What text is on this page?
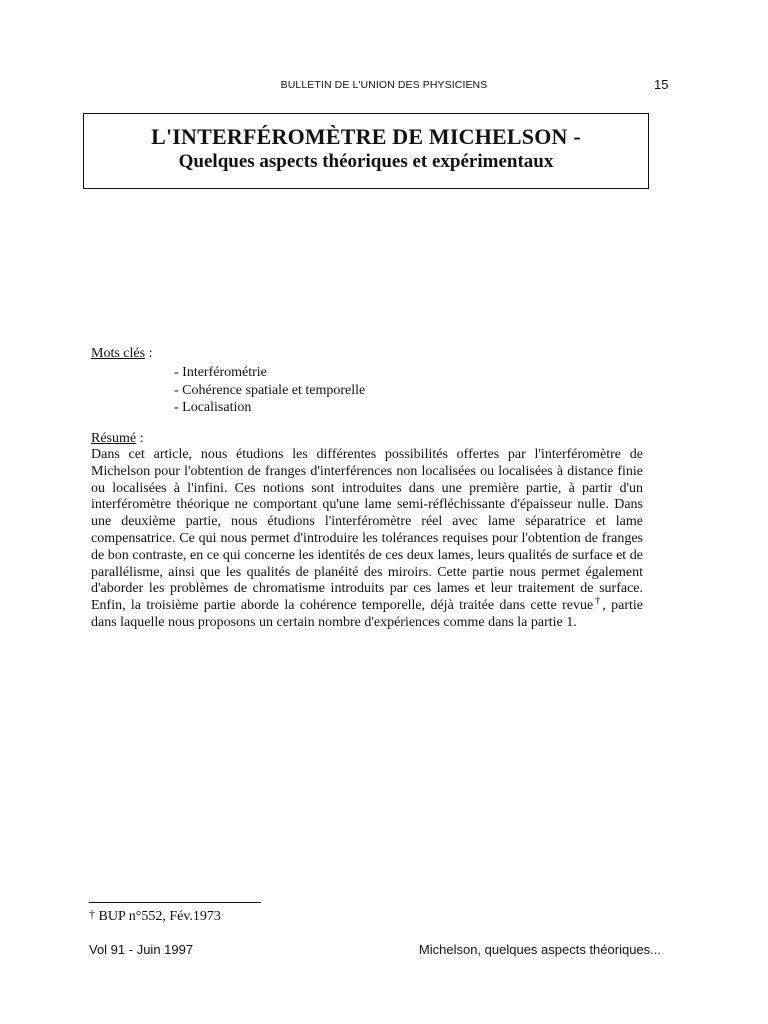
BULLETIN DE L'UNION DES PHYSICIENS	15
L'INTERFÉROMÈTRE DE MICHELSON -
Quelques aspects théoriques et expérimentaux
Mots clés :
- Interférométrie
- Cohérence spatiale et temporelle
- Localisation
Résumé :

Dans cet article, nous étudions les différentes possibilités offertes par l'interféromètre de Michelson pour l'obtention de franges d'interférences non localisées ou localisées à distance finie ou localisées à l'infini. Ces notions sont introduites dans une première partie, à partir d'un interféromètre théorique ne comportant qu'une lame semi-réfléchissante d'épaisseur nulle. Dans une deuxième partie, nous étudions l'interféromètre réel avec lame séparatrice et lame compensatrice. Ce qui nous permet d'introduire les tolérances requises pour l'obtention de franges de bon contraste, en ce qui concerne les identités de ces deux lames, leurs qualités de surface et de parallélisme, ainsi que les qualités de planéité des miroirs. Cette partie nous permet également d'aborder les problèmes de chromatisme introduits par ces lames et leur traitement de surface. Enfin, la troisième partie aborde la cohérence temporelle, déjà traitée dans cette revue†, partie dans laquelle nous proposons un certain nombre d'expériences comme dans la partie 1.

† BUP n°552, Fév.1973
Vol 91 - Juin 1997	Michelson, quelques aspects théoriques...
